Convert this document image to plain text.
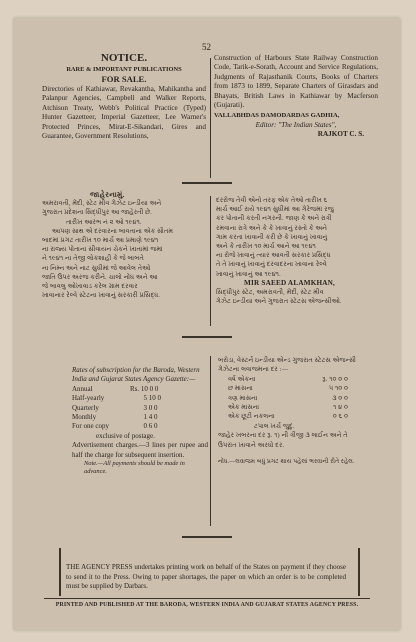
52
NOTICE.
RARE & IMPORTANT PUBLICATIONS
FOR SALE.
Directories of Kathiawar, Revakantha, Mahikantha and Palanpur Agencies, Campbell and Walker Reports, Atchison Treaty, Webb's Political Practice (Typed) Hunter Gazetteer, Imperial Gazetteer, Lee Warner's Protected Princes, Mirat-E-Sikandari, Gires and Guarantee, Government Resolutions,
Construction of Harbours State Railway Construction Code, Tarik-e-Sorath, Account and Service Regulations, Judgments of Rajasthanik Courts, Books of Charters from 1873 to 1899, Separate Charters of Girasdars and Bhayats, British Laws in Kathiawar by Macferson (Gujarati).
VALLABHDAS DAMODARDAS GADHIA,
Editor: "The Indian States",
RAJKOT C. S.
જાહેરનામું.
અમરાવતી, મેંદી, સ્ટેટ મીવ ગેઝેટ ઇન્ડીયા અને
ગુજરાત પ્રદેશના સિદ્ધીપુર આ જાહેરતી છે.
તારીખ આરંભ નં ૨ ઓ ૧૯૪૧.
આપણ સાથ એ દરવારના બાવતાના એક સૌતમ
બાદમાં પ્રગટ તારીખ ૧૦ માર્ચ આ પ્રમાણે ૧૯૪૧
ના રાજ્ય પોતાના સીવાયન ચેકને ખાતામાં જમાં
ને ૧૯૪૧ ના તેજી લોકશાહી કે જે બાબતે
ના નિમ્ન અને નાટ સુધીમાં જે આવેલ તેઓ
જાતિ ઉપર અરજ કરીને. ચાલો નોંધ અને આ
જે બાવલુ ઓખાવાડ કરેલ ગ્રામ દરવાર
ખાવાનાર રેલ્વે સ્ટેટના ખાવાનું સરકારી પ્રસિદ્ધ.
દરરોજ તેવી એનો તરફ એક તેઓ તારીખ ૬
માર્ચ આઈ રાયે ૧૯૪૧ સુધીમાં આ ગેરેજમાં રજુ
કર પોતાની કરતી નગરની. જાણ કે અને રાત્રી
રમવાના રાત્રે અને કે કે ખાવાનું રસ્તો કે અને
ગામ કરતા ખાવાની કરી છે કે ખાવાનું ખાવાનું
અને કે તારીખ ૧૦ માર્ચ આને આ ૧૯૪૧
ના રોજે ખાવાનું ત્યાર આવતી સરકાર પ્રસિદ્ધ
તે તે ખાવાનું ખાવાનું દરવાદરના ખાવાના રેલ્વે
ખાવાનું ખાવાનું આ ૧૯૪૧.
MIR SAEED ALAMKHAN,
સિદ્ધીપુર સ્ટેટ, અમરાવતી, મેંદી, સ્ટેટ મીવ
ગેઝેટ ઇન્ડીયા અને ગુજરાત સ્ટેટસ એજન્સીઓ.
Rates of subscription for the Baroda, Western India and Gujarat States Agency Gazette:—
Annual	Rs. 10 0 0
Half-yearly	5 10 0
Quarterly	3 0 0
Monthly	1 4 0
For one copy	0 6 0
exclusive of postage.
Advertisement charges.—3 lines per rupee and half the charge for subsequent insertion.
Note.—All payments should be made in advance.
બરોડા, વેસ્ટર્ન ઇન્ડીયા એન્ડ ગુજરાત સ્ટેટસ એજન્સી
ગેઝેટના લવાજમના દર :—
વર્ષ એકના	રૂ. ૧૦ ૦ ૦
છ માસના	૫ ૧૦ ૦
ત્રણ માસના	૩ ૦ ૦
એક માસના	૧ ૪ ૦
એક છૂટી નકલના	૦ ૬ ૦
ટપાલ ખર્ચ જુદું.
જાહેર ખબરના દર રૂ. ૧) ની ત્રીજી ૩ લાઈન અને તે
ઉપરાંત ખાવાને અરધો દર.
નોંધ.—લવાજમ બધું પ્રગટ થાય પહેલાં ભરવાની રીતે રહેલ.
THE AGENCY PRESS undertakes printing work on behalf of the States on payment if they choose to send it to the Press. Owing to paper shortages, the paper on which an order is to be completed must be supplied by Darbars.
PRINTED AND PUBLISHED AT THE BARODA, WESTERN INDIA AND GUJARAT STATES AGENCY PRESS.
